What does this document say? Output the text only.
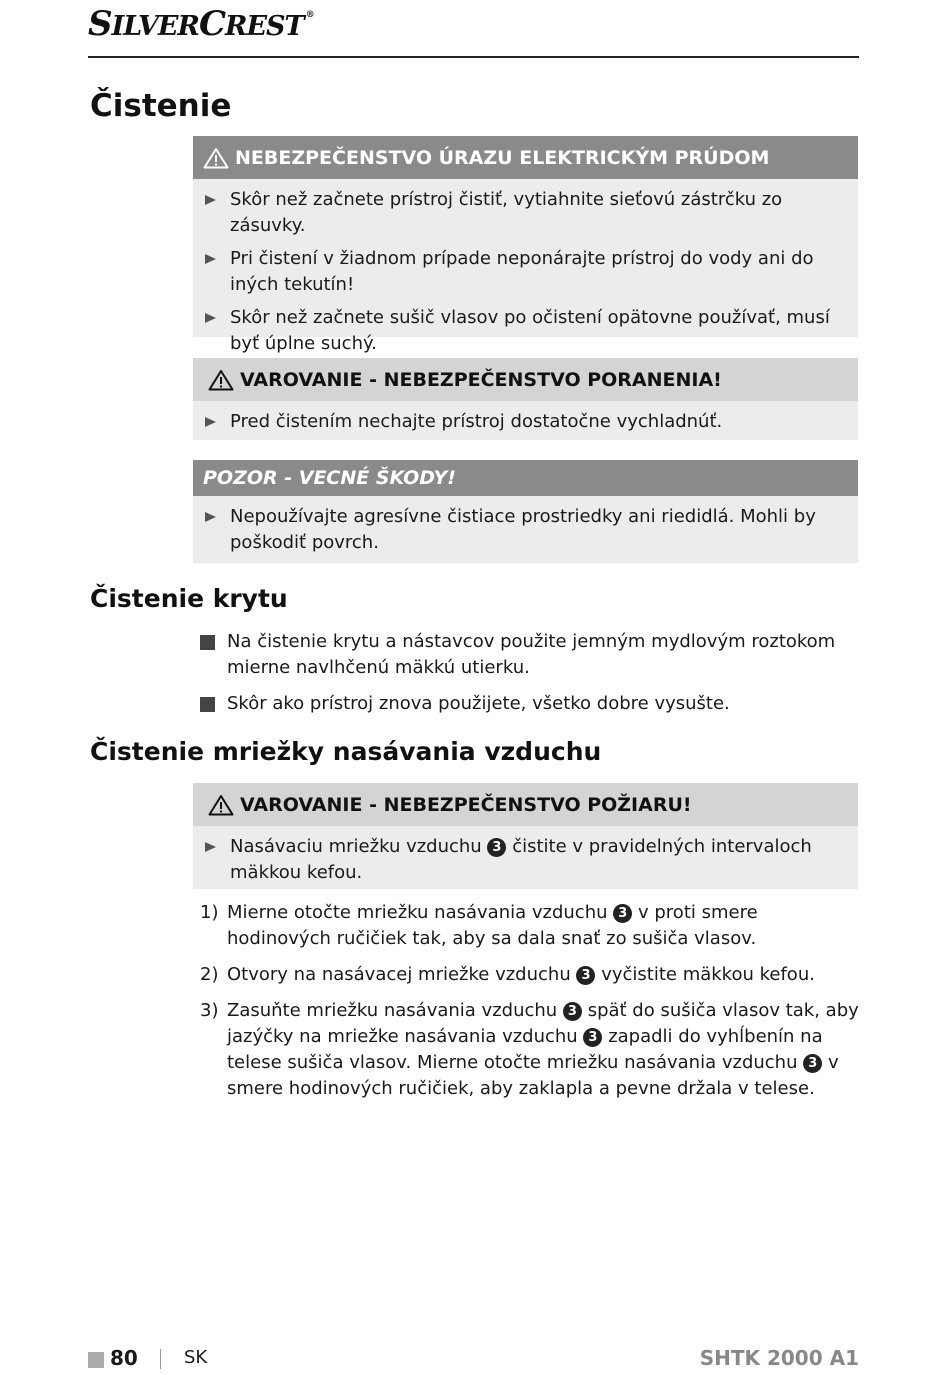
SILVERCREST ®
Čistenie
NEBEZPEČENSTVO ÚRAZU ELEKTRICKÝM PRÚDOM
Skôr než začnete prístroj čistiť, vytiahnite sieťovú zástrčku zo zásuvky.
Pri čistení v žiadnom prípade neponárajte prístroj do vody ani do iných tekutín!
Skôr než začnete sušič vlasov po očistení opätovne používať, musí byť úplne suchý.
VAROVANIE - NEBEZPEČENSTVO PORANENIA!
Pred čistením nechajte prístroj dostatočne vychladnúť.
POZOR - VECNÉ ŠKODY!
Nepoužívajte agresívne čistiace prostriedky ani riedidlá. Mohli by poškodiť povrch.
Čistenie krytu
Na čistenie krytu a nástavcov použite jemným mydlovým roztokom mierne navlhčenú mäkkú utierku.
Skôr ako prístroj znova použijete, všetko dobre vysušte.
Čistenie mriežky nasávania vzduchu
VAROVANIE - NEBEZPEČENSTVO POŽIARU!
Nasávaciu mriežku vzduchu 3 čistite v pravidelných intervaloch mäkkou kefou.
1) Mierne otočte mriežku nasávania vzduchu 3 v proti smere hodinových ručičiek tak, aby sa dala snať zo sušiča vlasov.
2) Otvory na nasávacej mriežke vzduchu 3 vyčistite mäkkou kefou.
3) Zasuňte mriežku nasávania vzduchu 3 späť do sušiča vlasov tak, aby jazýčky na mriežke nasávania vzduchu 3 zapadli do vyhĺbenín na telese sušiča vlasov. Mierne otočte mriežku nasávania vzduchu 3 v smere hodinových ručičiek, aby zaklapla a pevne držala v telese.
80	SK	SHTK 2000 A1
